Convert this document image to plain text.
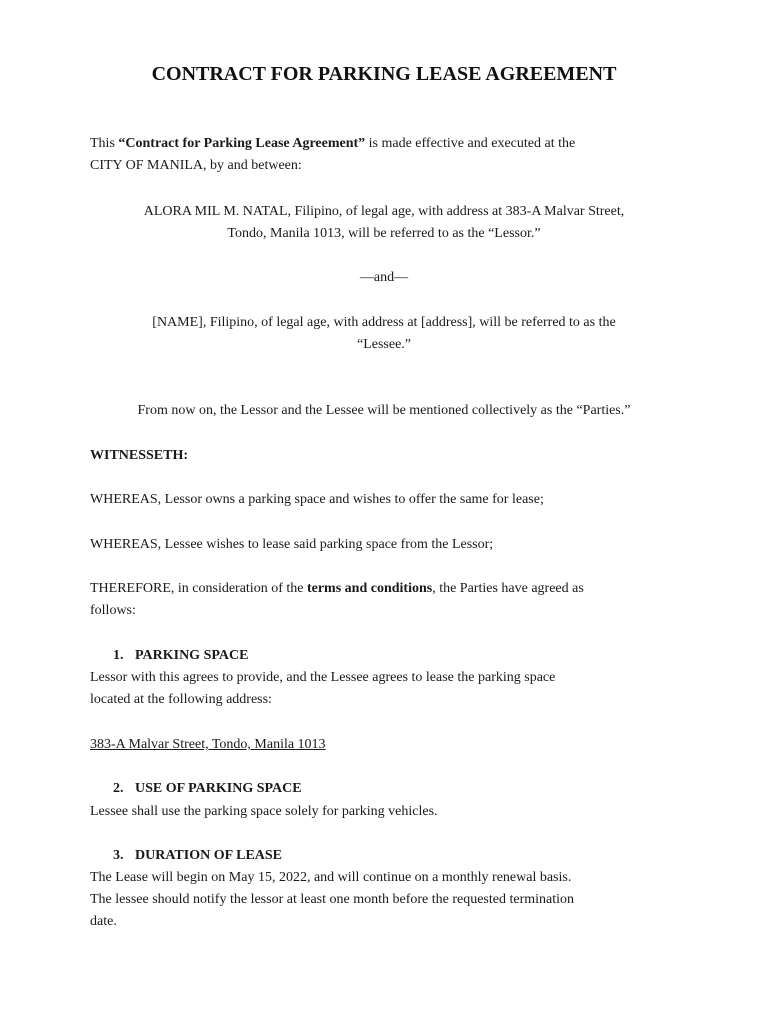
CONTRACT FOR PARKING LEASE AGREEMENT
This “Contract for Parking Lease Agreement” is made effective and executed at the
CITY OF MANILA, by and between:
ALORA MIL M. NATAL, Filipino, of legal age, with address at 383-A Malvar Street,
Tondo, Manila 1013, will be referred to as the “Lessor.”
—and—
[NAME], Filipino, of legal age, with address at [address], will be referred to as the
“Lessee.”
From now on, the Lessor and the Lessee will be mentioned collectively as the “Parties.”
WITNESSETH:
WHEREAS, Lessor owns a parking space and wishes to offer the same for lease;
WHEREAS, Lessee wishes to lease said parking space from the Lessor;
THEREFORE, in consideration of the terms and conditions, the Parties have agreed as
follows:
1. PARKING SPACE
Lessor with this agrees to provide, and the Lessee agrees to lease the parking space
located at the following address:
383-A Malvar Street, Tondo, Manila 1013
2. USE OF PARKING SPACE
Lessee shall use the parking space solely for parking vehicles.
3. DURATION OF LEASE
The Lease will begin on May 15, 2022, and will continue on a monthly renewal basis.
The lessee should notify the lessor at least one month before the requested termination
date.
